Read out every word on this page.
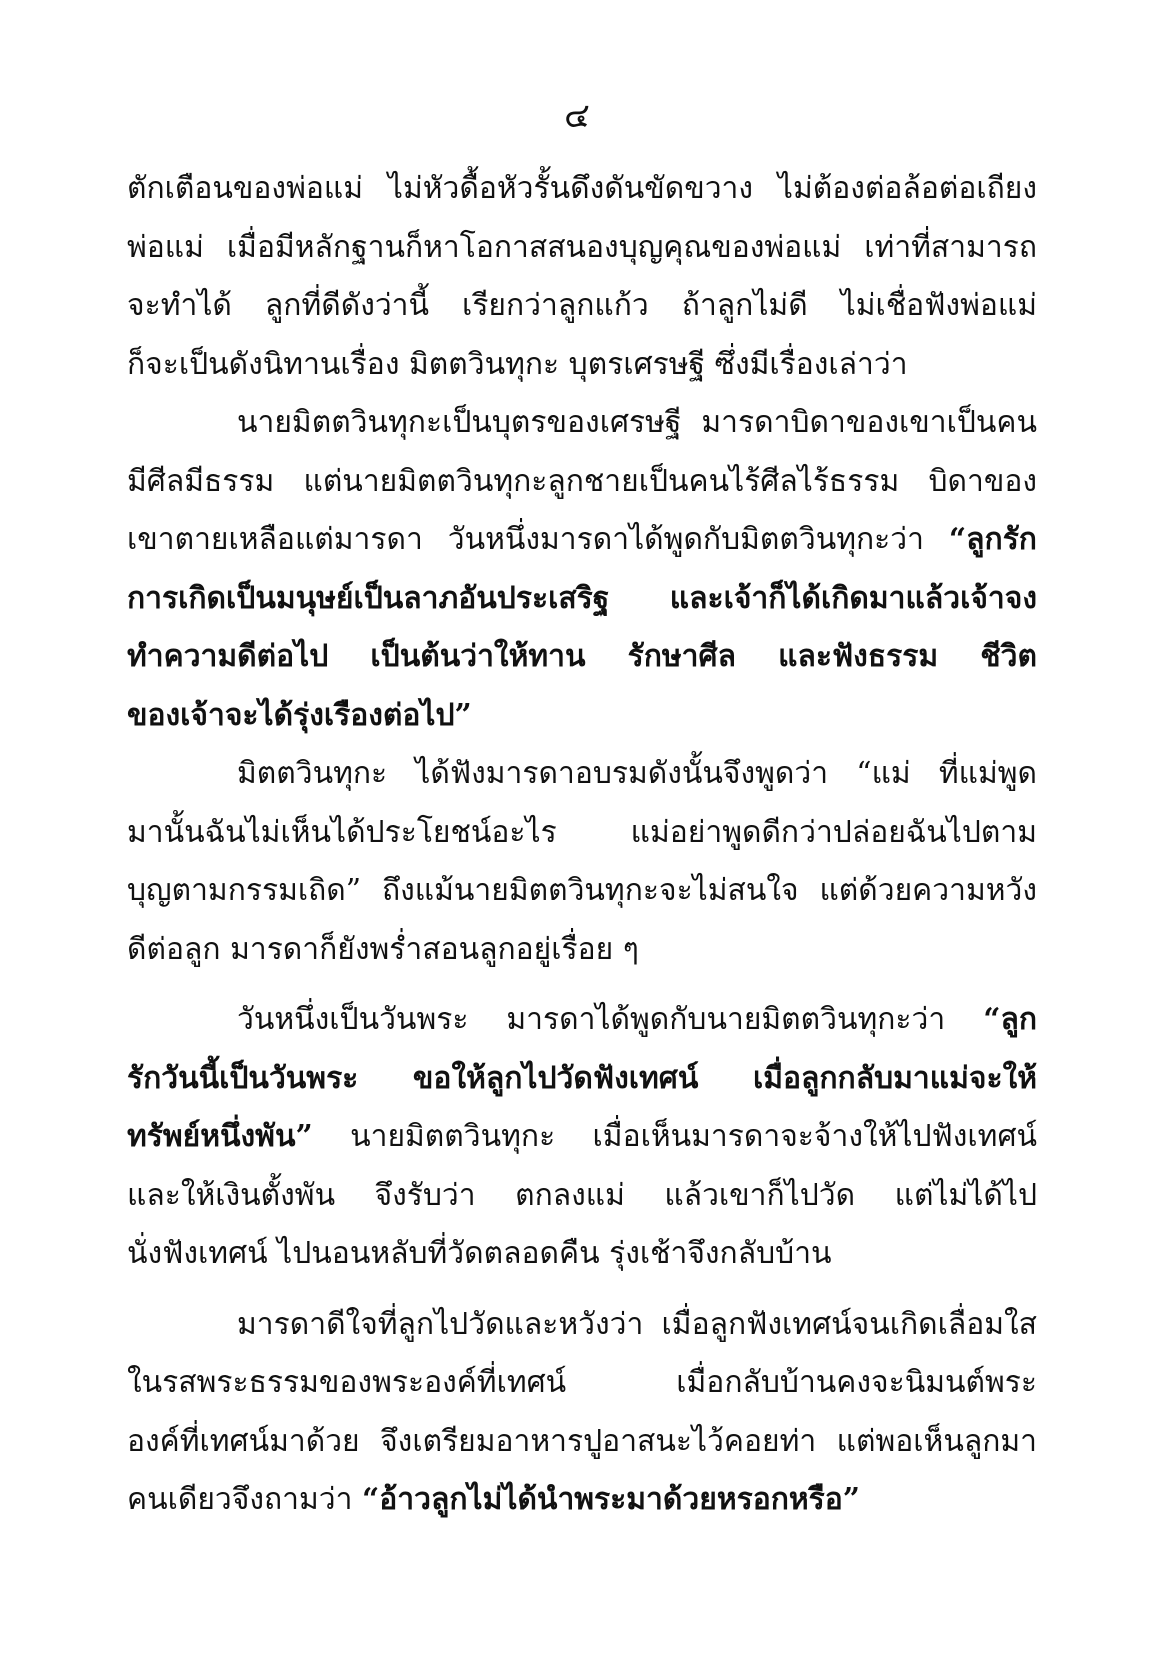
๔
ตักเตือนของพ่อแม่ ไม่หัวดื้อหัวรั้นดึงดันขัดขวาง ไม่ต้องต่อล้อต่อเถียง
พ่อแม่ เมื่อมีหลักฐานก็หาโอกาสสนองบุญคุณของพ่อแม่ เท่าที่สามารถ
จะทำได้ ลูกที่ดีดังว่านี้ เรียกว่าลูกแก้ว ถ้าลูกไม่ดี ไม่เชื่อฟังพ่อแม่
ก็จะเป็นดังนิทานเรื่อง มิตตวินทุกะ บุตรเศรษฐี ซึ่งมีเรื่องเล่าว่า
นายมิตตวินทุกะเป็นบุตรของเศรษฐี มารดาบิดาของเขาเป็นคน
มีศีลมีธรรม แต่นายมิตตวินทุกะลูกชายเป็นคนไร้ศีลไร้ธรรม บิดาของ
เขาตายเหลือแต่มารดา วันหนึ่งมารดาได้พูดกับมิตตวินทุกะว่า “ลูกรัก
การเกิดเป็นมนุษย์เป็นลาภอันประเสริฐ และเจ้าก็ได้เกิดมาแล้วเจ้าจง
ทำความดีต่อไป เป็นต้นว่าให้ทาน รักษาศีล และฟังธรรม ชีวิต
ของเจ้าจะได้รุ่งเรืองต่อไป”
มิตตวินทุกะ ได้ฟังมารดาอบรมดังนั้นจึงพูดว่า “แม่ ที่แม่พูด
มานั้นฉันไม่เห็นได้ประโยชน์อะไร แม่อย่าพูดดีกว่าปล่อยฉันไปตาม
บุญตามกรรมเถิด” ถึงแม้นายมิตตวินทุกะจะไม่สนใจ แต่ด้วยความหวัง
ดีต่อลูก มารดาก็ยังพร่ำสอนลูกอยู่เรื่อย ๆ
วันหนึ่งเป็นวันพระ มารดาได้พูดกับนายมิตตวินทุกะว่า “ลูก
รักวันนี้เป็นวันพระ ขอให้ลูกไปวัดฟังเทศน์ เมื่อลูกกลับมาแม่จะให้
ทรัพย์หนึ่งพัน” นายมิตตวินทุกะ เมื่อเห็นมารดาจะจ้างให้ไปฟังเทศน์
และให้เงินตั้งพัน จึงรับว่า ตกลงแม่ แล้วเขาก็ไปวัด แต่ไม่ได้ไป
นั่งฟังเทศน์ ไปนอนหลับที่วัดตลอดคืน รุ่งเช้าจึงกลับบ้าน
มารดาดีใจที่ลูกไปวัดและหวังว่า เมื่อลูกฟังเทศน์จนเกิดเลื่อมใส
ในรสพระธรรมของพระองค์ที่เทศน์ เมื่อกลับบ้านคงจะนิมนต์พระ
องค์ที่เทศน์มาด้วย จึงเตรียมอาหารปูอาสนะไว้คอยท่า แต่พอเห็นลูกมา
คนเดียวจึงถามว่า “อ้าวลูกไม่ได้นำพระมาด้วยหรอกหรือ”
